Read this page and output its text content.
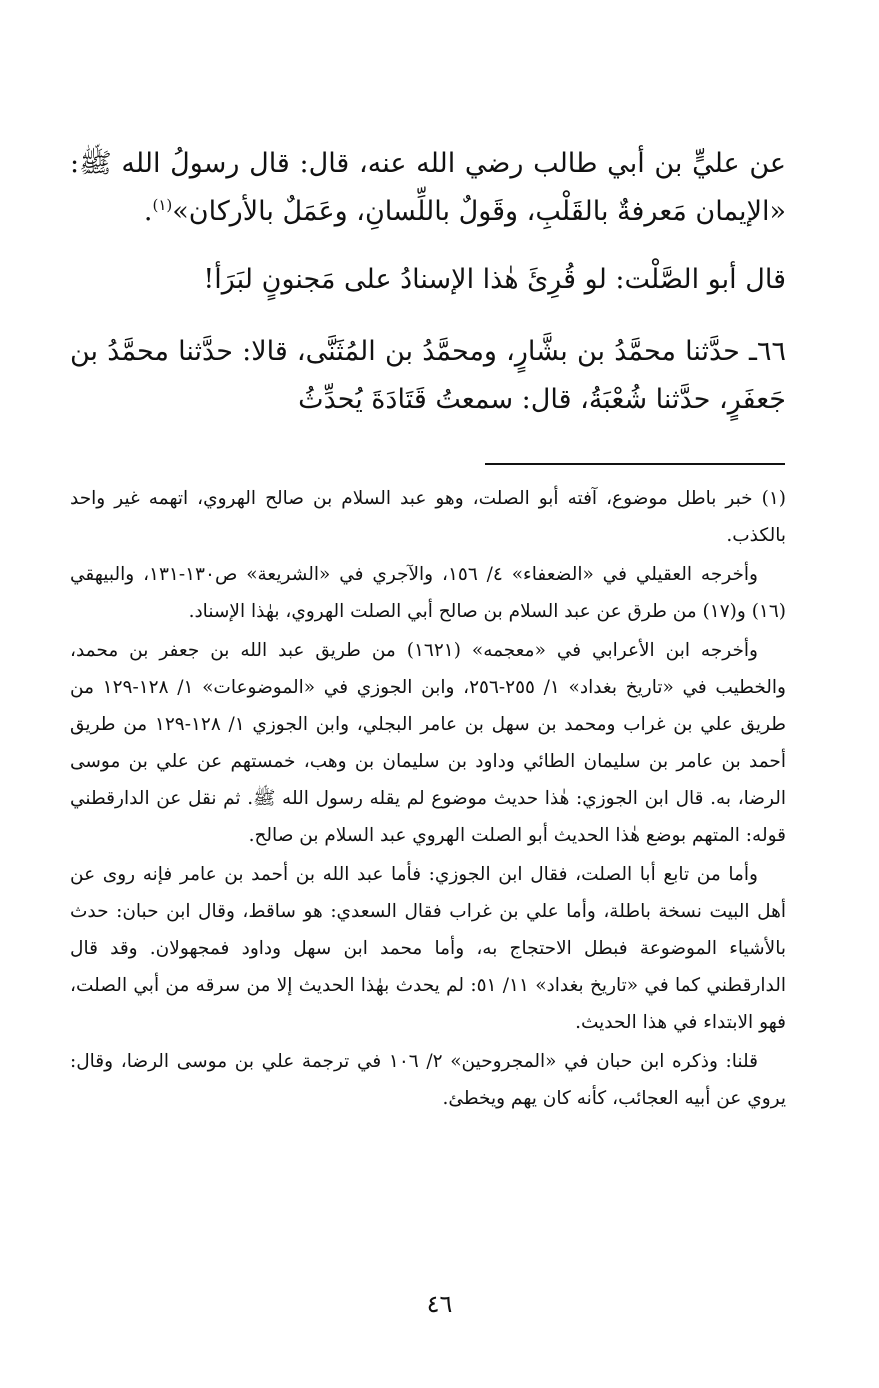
عن عليٍّ بن أبي طالب رضي الله عنه، قال: قال رسولُ الله ﷺ: «الإيمان مَعرفةٌ بالقَلْبِ، وقَولٌ باللِّسانِ، وعَمَلٌ بالأركان»$^{(١)}$.

قال أبو الصَّلْت: لو قُرِئَ هٰذا الإسنادُ على مَجنونٍ لبَرَأ!

٦٦ـ حدَّثنا محمَّدُ بن بشَّارٍ، ومحمَّدُ بن المُثَنَّى، قالا: حدَّثنا محمَّدُ بن جَعفَرٍ، حدَّثنا شُعْبَةُ، قال: سمعتُ قَتَادَةَ يُحدِّثُ

(١) خبر باطل موضوع، آفته أبو الصلت، وهو عبد السلام بن صالح الهروي، اتهمه غير واحد بالكذب.

وأخرجه العقيلي في «الضعفاء» ٤/ ١٥٦، والآجري في «الشريعة» ص١٣٠-١٣١، والبيهقي (١٦) و(١٧) من طرق عن عبد السلام بن صالح أبي الصلت الهروي، بهٰذا الإسناد.

وأخرجه ابن الأعرابي في «معجمه» (١٦٢١) من طريق عبد الله بن جعفر بن محمد، والخطيب في «تاريخ بغداد» ١/ ٢٥٥-٢٥٦، وابن الجوزي في «الموضوعات» ١/ ١٢٨-١٢٩ من طريق علي بن غراب ومحمد بن سهل بن عامر البجلي، وابن الجوزي ١/ ١٢٨-١٢٩ من طريق أحمد بن عامر بن سليمان الطائي وداود بن سليمان بن وهب، خمستهم عن علي بن موسى الرضا، به. قال ابن الجوزي: هٰذا حديث موضوع لم يقله رسول الله ﷺ. ثم نقل عن الدارقطني قوله: المتهم بوضع هٰذا الحديث أبو الصلت الهروي عبد السلام بن صالح.

وأما من تابع أبا الصلت، فقال ابن الجوزي: فأما عبد الله بن أحمد بن عامر فإنه روى عن أهل البيت نسخة باطلة، وأما علي بن غراب فقال السعدي: هو ساقط، وقال ابن حبان: حدث بالأشياء الموضوعة فبطل الاحتجاج به، وأما محمد ابن سهل وداود فمجهولان. وقد قال الدارقطني كما في «تاريخ بغداد» ١١/ ٥١: لم يحدث بهٰذا الحديث إلا من سرقه من أبي الصلت، فهو الابتداء في هذا الحديث.

قلنا: وذكره ابن حبان في «المجروحين» ٢/ ١٠٦ في ترجمة علي بن موسى الرضا، وقال: يروي عن أبيه العجائب، كأنه كان يهم ويخطئ.

٤٦
